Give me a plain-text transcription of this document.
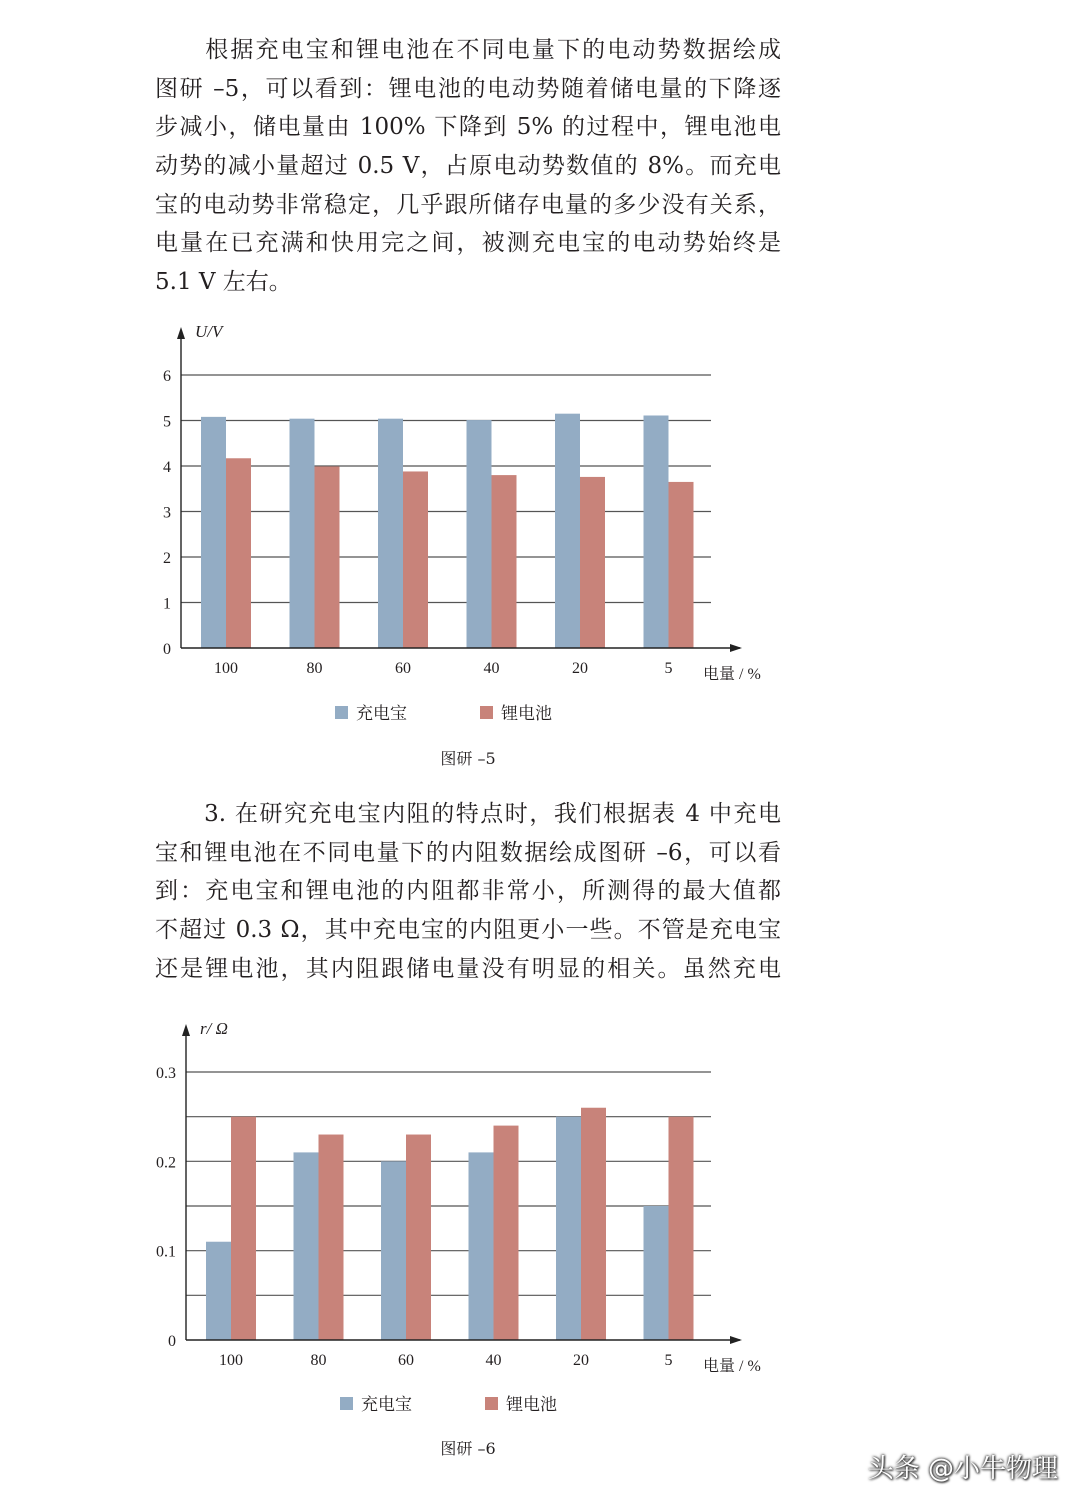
　　根据充电宝和锂电池在不同电量下的电动势数据绘成
图研 –5，可以看到：锂电池的电动势随着储电量的下降逐
步减小，储电量由 100% 下降到 5% 的过程中，锂电池电
动势的减小量超过 0.5 V，占原电动势数值的 8%。而充电
宝的电动势非常稳定，几乎跟所储存电量的多少没有关系，
电量在已充满和快用完之间，被测充电宝的电动势始终是
5.1 V 左右。
100	80	60	40	20	5
0
1
2
3
4
5
6
U/V
电量 / %
充电宝	锂电池
图研 –5
　　3. 在研究充电宝内阻的特点时，我们根据表 4 中充电
宝和锂电池在不同电量下的内阻数据绘成图研 –6，可以看
到：充电宝和锂电池的内阻都非常小，所测得的最大值都
不超过 0.3 Ω，其中充电宝的内阻更小一些。不管是充电宝
还是锂电池，其内阻跟储电量没有明显的相关。虽然充电
100	80	60	40	20	5
0
0.1
0.2
0.3
r/ Ω
电量 / %
充电宝	锂电池
图研 –6
头条 @小牛物理
